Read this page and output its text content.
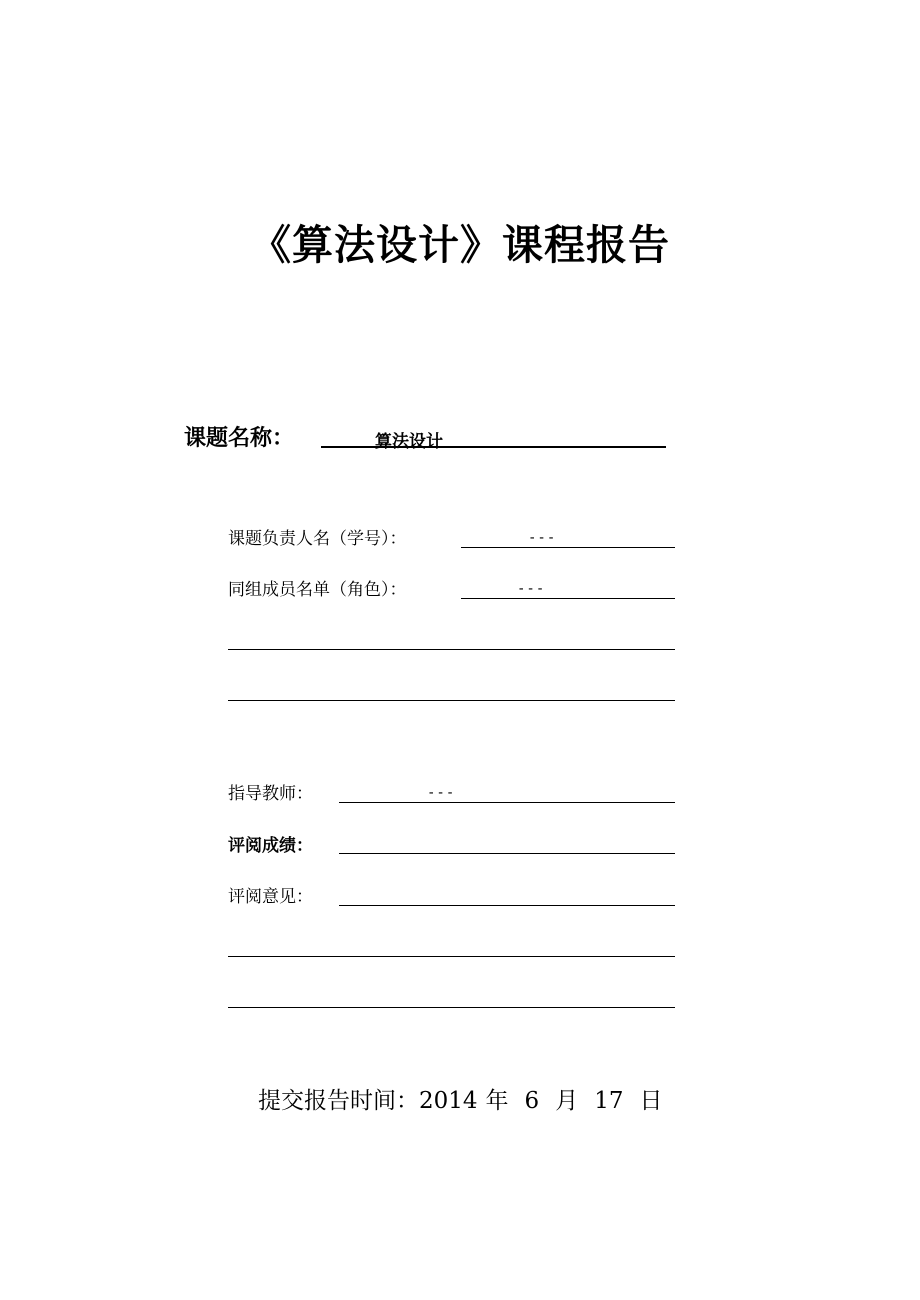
《算法设计》课程报告
课题名称：	算法设计
课题负责人名（学号）：	---
同组成员名单（角色）：	---
指导教师：	---
评阅成绩：
评阅意见：
提交报告时间：2014 年 6 月 17 日
